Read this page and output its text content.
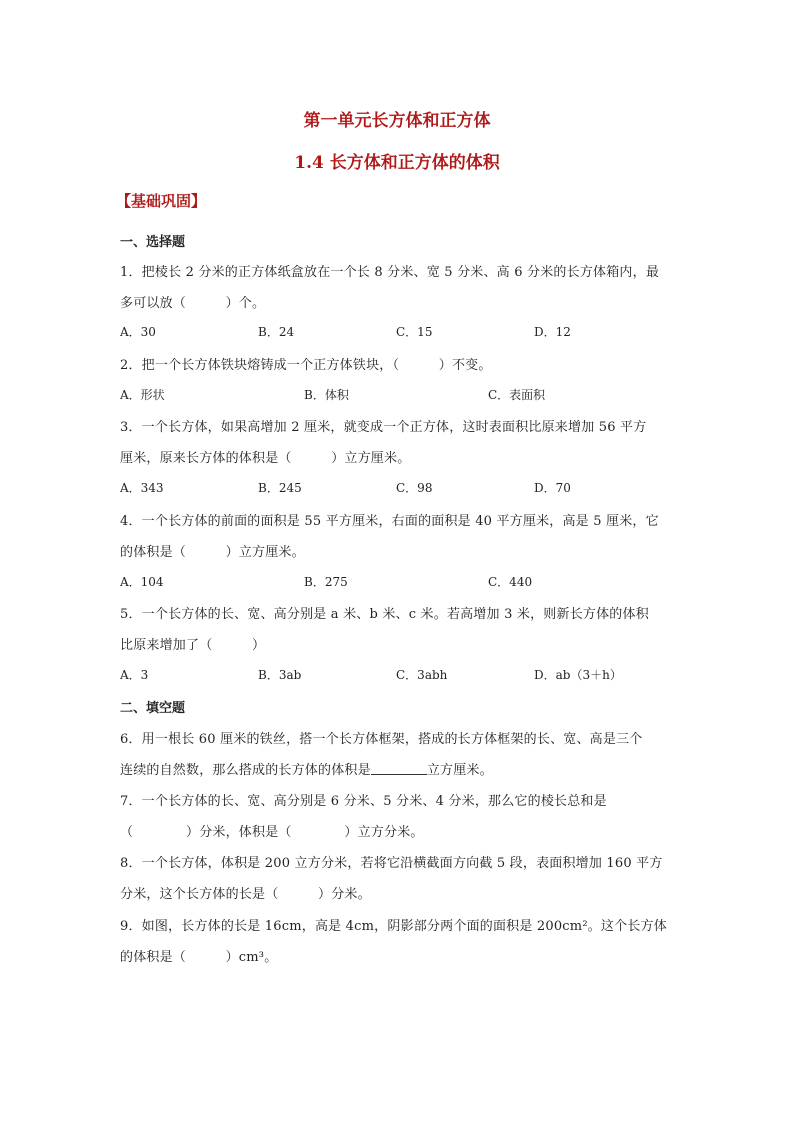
第一单元长方体和正方体
1.4 长方体和正方体的体积
【基础巩固】
一、选择题
1．把棱长 2 分米的正方体纸盒放在一个长 8 分米、宽 5 分米、高 6 分米的长方体箱内，最
多可以放（　　　）个。
A．30	B．24	C．15	D．12
2．把一个长方体铁块熔铸成一个正方体铁块，（　　　）不变。
A．形状	B．体积	C．表面积
3．一个长方体，如果高增加 2 厘米，就变成一个正方体，这时表面积比原来增加 56 平方
厘米，原来长方体的体积是（　　　）立方厘米。
A．343	B．245	C．98	D．70
4．一个长方体的前面的面积是 55 平方厘米，右面的面积是 40 平方厘米，高是 5 厘米，它
的体积是（　　　）立方厘米。
A．104	B．275	C．440
5．一个长方体的长、宽、高分别是 a 米、b 米、c 米。若高增加 3 米，则新长方体的体积
比原来增加了（　　　）
A．3	B．3ab	C．3abh	D．ab（3＋h）
二、填空题
6．用一根长 60 厘米的铁丝，搭一个长方体框架，搭成的长方体框架的长、宽、高是三个
连续的自然数，那么搭成的长方体的体积是	立方厘米。
7．一个长方体的长、宽、高分别是 6 分米、5 分米、4 分米，那么它的棱长总和是
（　　　　）分米，体积是（　　　　）立方分米。
8．一个长方体，体积是 200 立方分米，若将它沿横截面方向截 5 段，表面积增加 160 平方
分米，这个长方体的长是（　　　）分米。
9．如图，长方体的长是 16cm，高是 4cm，阴影部分两个面的面积是 200cm²。这个长方体
的体积是（　　　）cm³。
